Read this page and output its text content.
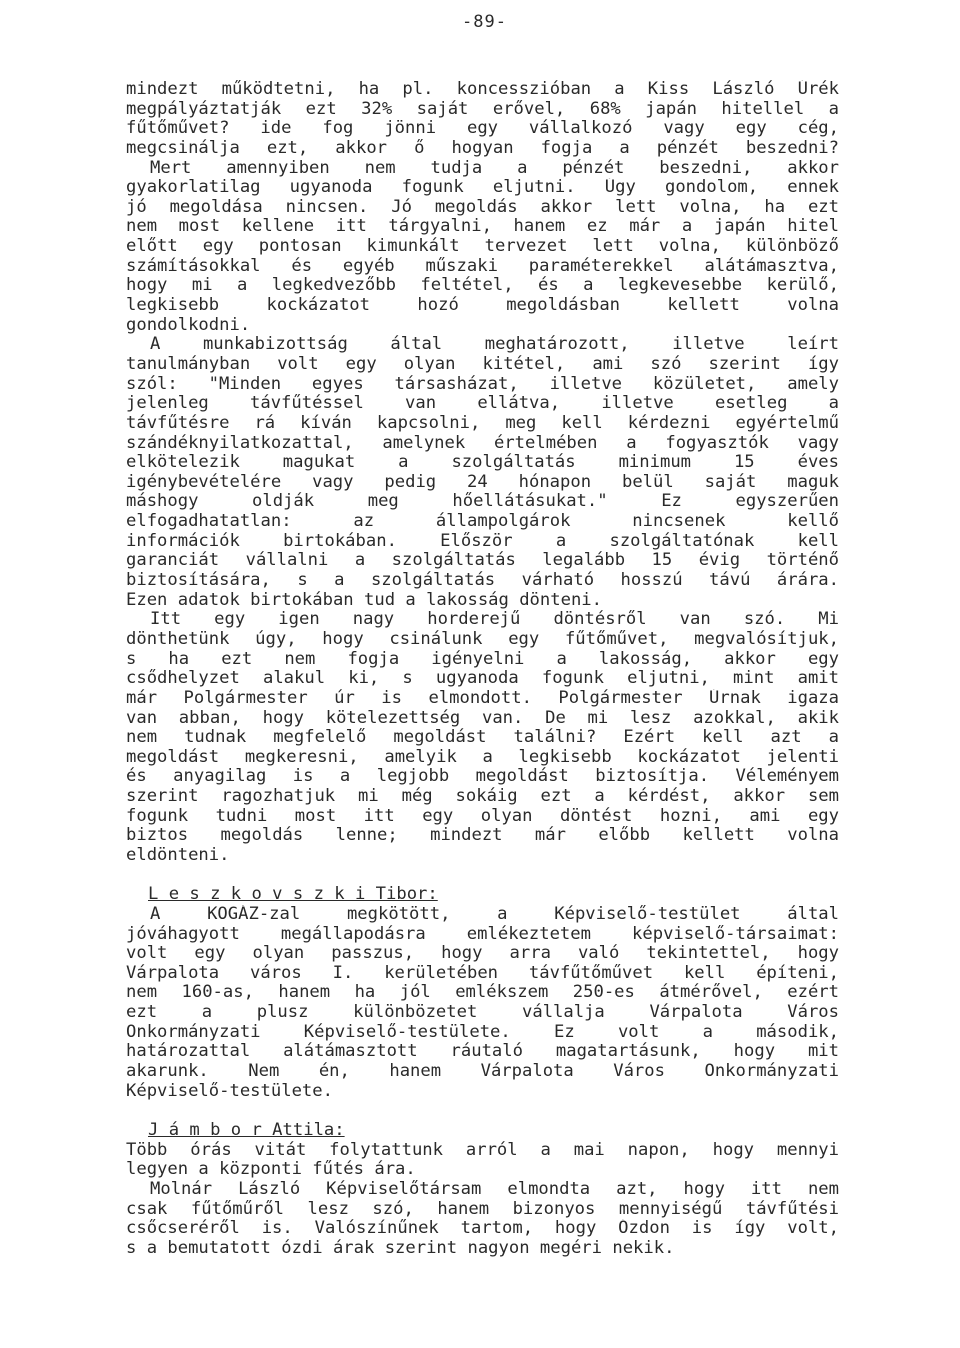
-89-
mindezt működtetni, ha pl. koncesszióban a Kiss László Úrék
megpályáztatják ezt 32% saját erővel, 68% japán hitellel a
fűtőművet? ide fog jönni egy vállalkozó vagy egy cég,
megcsinálja ezt, akkor ő hogyan fogja a pénzét beszedni?
Mert amennyiben nem tudja a pénzét beszedni, akkor
gyakorlatilag ugyanoda fogunk eljutni. Úgy gondolom, ennek
jó megoldása nincsen. Jó megoldás akkor lett volna, ha ezt
nem most kellene itt tárgyalni, hanem ez már a japán hitel
előtt egy pontosan kimunkált tervezet lett volna, különböző
számításokkal és egyéb műszaki paraméterekkel alátámasztva,
hogy mi a legkedvezőbb feltétel, és a legkevesebbe kerülő,
legkisebb kockázatot hozó megoldásban kellett volna
gondolkodni.
A munkabizottság által meghatározott, illetve leírt
tanulmányban volt egy olyan kitétel, ami szó szerint így
szól: "Minden egyes társasházat, illetve közületet, amely
jelenleg távfűtéssel van ellátva, illetve esetleg a
távfűtésre rá kíván kapcsolni, meg kell kérdezni egyértelmű
szándéknyilatkozattal, amelynek értelmében a fogyasztók vagy
elkötelezik magukat a szolgáltatás minimum 15 éves
igénybevételére vagy pedig 24 hónapon belül saját maguk
máshogy oldják meg hőellátásukat." Ez egyszerűen
elfogadhatatlan: az állampolgárok nincsenek kellő
információk birtokában. Először a szolgáltatónak kell
garanciát vállalni a szolgáltatás legalább 15 évig történő
biztosítására, s a szolgáltatás várható hosszú távú árára.
Ezen adatok birtokában tud a lakosság dönteni.
Itt egy igen nagy horderejű döntésről van szó. Mi
dönthetünk úgy, hogy csinálunk egy fűtőművet, megvalósítjuk,
s ha ezt nem fogja igényelni a lakosság, akkor egy
csődhelyzet alakul ki, s ugyanoda fogunk eljutni, mint amit
már Polgármester úr is elmondott. Polgármester Úrnak igaza
van abban, hogy kötelezettség van. De mi lesz azokkal, akik
nem tudnak megfelelő megoldást találni? Ezért kell azt a
megoldást megkeresni, amelyik a legkisebb kockázatot jelenti
és anyagilag is a legjobb megoldást biztosítja. Véleményem
szerint ragozhatjuk mi még sokáig ezt a kérdést, akkor sem
fogunk tudni most itt egy olyan döntést hozni, ami egy
biztos megoldás lenne; mindezt már előbb kellett volna
eldönteni.
L e s z k o v s z k i Tibor:
A KÖGÁZ-zal megkötött, a Képviselő-testület által
jóváhagyott megállapodásra emlékeztetem képviselő-társaimat:
volt egy olyan passzus, hogy arra való tekintettel, hogy
Várpalota város I. kerületében távfűtőművet kell építeni,
nem 160-as, hanem ha jól emlékszem 250-es átmérővel, ezért
ezt a plusz különbözetet vállalja Várpalota Város
Önkormányzati Képviselő-testülete. Ez volt a második,
határozattal alátámasztott ráutaló magatartásunk, hogy mit
akarunk. Nem én, hanem Várpalota Város Önkormányzati
Képviselő-testülete.
J á m b o r Attila:
Több órás vitát folytattunk arról a mai napon, hogy mennyi
legyen a központi fűtés ára.
Molnár László Képviselőtársam elmondta azt, hogy itt nem
csak fűtőműről lesz szó, hanem bizonyos mennyiségű távfűtési
csőcseréről is. Valószínűnek tartom, hogy Ózdon is így volt,
s a bemutatott ózdi árak szerint nagyon megéri nekik.
